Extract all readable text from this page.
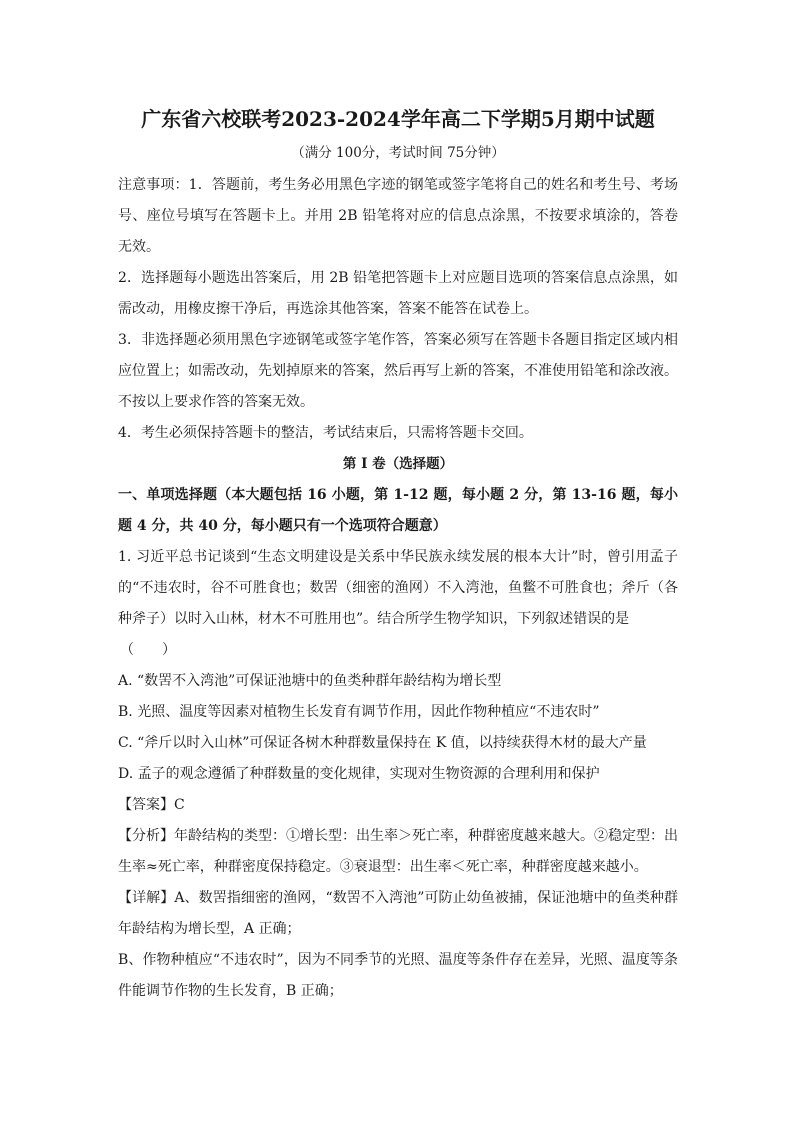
广东省六校联考2023-2024学年高二下学期5月期中试题
（满分 100分，考试时间 75分钟）

注意事项：1．答题前，考生务必用黑色字迹的钢笔或签字笔将自己的姓名和考生号、考场号、座位号填写在答题卡上。并用 2B 铅笔将对应的信息点涂黑，不按要求填涂的，答卷无效。

2．选择题每小题选出答案后，用 2B 铅笔把答题卡上对应题目选项的答案信息点涂黑，如需改动，用橡皮擦干净后，再选涂其他答案，答案不能答在试卷上。

3．非选择题必须用黑色字迹钢笔或签字笔作答，答案必须写在答题卡各题目指定区域内相应位置上；如需改动，先划掉原来的答案，然后再写上新的答案，不准使用铅笔和涂改液。不按以上要求作答的答案无效。

4．考生必须保持答题卡的整洁，考试结束后，只需将答题卡交回。

第 I 卷（选择题）

一、单项选择题（本大题包括 16 小题，第 1-12 题，每小题 2 分，第 13-16 题，每小题 4 分，共 40 分，每小题只有一个选项符合题意）

1. 习近平总书记谈到“生态文明建设是关系中华民族永续发展的根本大计”时，曾引用孟子的“不违农时，谷不可胜食也；数罟（细密的渔网）不入湾池，鱼鳖不可胜食也；斧斤（各种斧子）以时入山林，材木不可胜用也”。结合所学生物学知识，下列叙述错误的是

（　　）

A. “数罟不入湾池”可保证池塘中的鱼类种群年龄结构为增长型

B. 光照、温度等因素对植物生长发育有调节作用，因此作物种植应“不违农时”

C. “斧斤以时入山林”可保证各树木种群数量保持在 K 值，以持续获得木材的最大产量

D. 孟子的观念遵循了种群数量的变化规律，实现对生物资源的合理利用和保护

【答案】C

【分析】年龄结构的类型：①增长型：出生率＞死亡率，种群密度越来越大。②稳定型：出生率≈死亡率，种群密度保持稳定。③衰退型：出生率＜死亡率，种群密度越来越小。

【详解】A、数罟指细密的渔网，“数罟不入湾池”可防止幼鱼被捕，保证池塘中的鱼类种群年龄结构为增长型，A 正确；

B、作物种植应“不违农时”，因为不同季节的光照、温度等条件存在差异，光照、温度等条件能调节作物的生长发育，B 正确；
